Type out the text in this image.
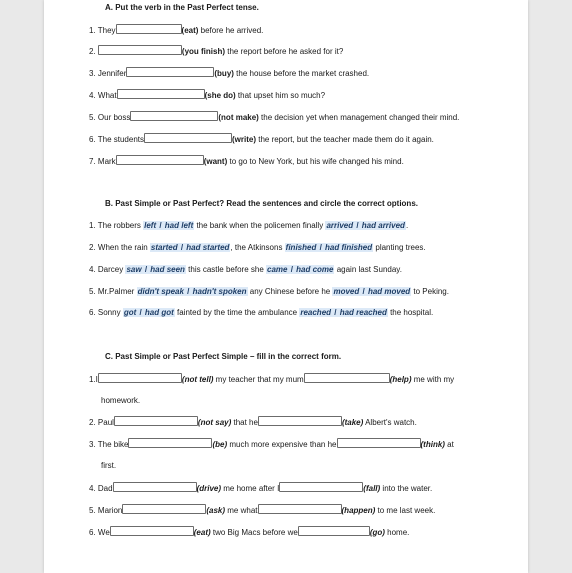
A. Put the verb in the Past Perfect tense.
1. They	(eat) before he arrived.
2.	(you finish) the report before he asked for it?
3. Jennifer	(buy) the house before the market crashed.
4. What	(she do) that upset him so much?
5. Our boss	(not make) the decision yet when management changed their mind.
6. The students	(write) the report, but the teacher made them do it again.
7. Mark	(want) to go to New York, but his wife changed his mind.
B. Past Simple or Past Perfect? Read the sentences and circle the correct options.
1. The robbers left / had left the bank when the policemen finally arrived / had arrived.
2. When the rain started / had started, the Atkinsons finished / had finished planting trees.
4. Darcey saw / had seen this castle before she came / had come again last Sunday.
5. Mr.Palmer didn't speak / hadn't spoken any Chinese before he moved / had moved to Peking.
6. Sonny got / had got fainted by the time the ambulance reached / had reached the hospital.
C. Past Simple or Past Perfect Simple – fill in the correct form.
1.I	(not tell) my teacher that my mum	(help) me with my
homework.
2. Paul	(not say) that he	(take) Albert's watch.
3. The bike	(be) much more expensive than he	(think) at
first.
4. Dad	(drive) me home after I	(fall) into the water.
5. Marion	(ask) me what	(happen) to me last week.
6. We	(eat) two Big Macs before we	(go) home.
